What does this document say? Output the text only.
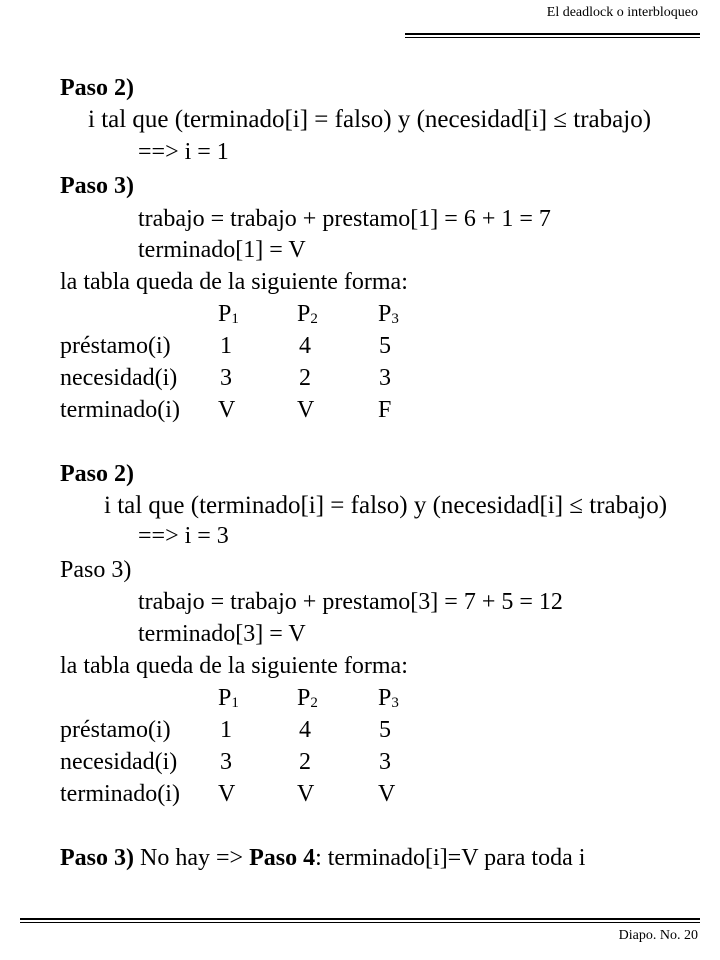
El deadlock o interbloqueo
Paso 2)
i tal que (terminado[i] = falso) y (necesidad[i] ≤ trabajo)
==> i = 1
Paso 3)
trabajo = trabajo + prestamo[1] = 6 + 1 = 7
terminado[1] = V
la tabla queda de la siguiente forma:
$P_1$ $P_2$	$P_3$
préstamo(i) 1	4	5
necesidad(i) 3	2	3
terminado(i) V	V	F
Paso 2)
i tal que (terminado[i] = falso) y (necesidad[i] ≤ trabajo)
==> i = 3
Paso 3)
trabajo = trabajo + prestamo[3] = 7 + 5 = 12
terminado[3] = V
la tabla queda de la siguiente forma:
$P_1$ $P_2$	$P_3$
préstamo(i) 1	4	5
necesidad(i) 3	2	3
terminado(i) V	V	V
Paso 3) No hay => Paso 4: terminado[i]=V para toda i
Diapo. No. 20
